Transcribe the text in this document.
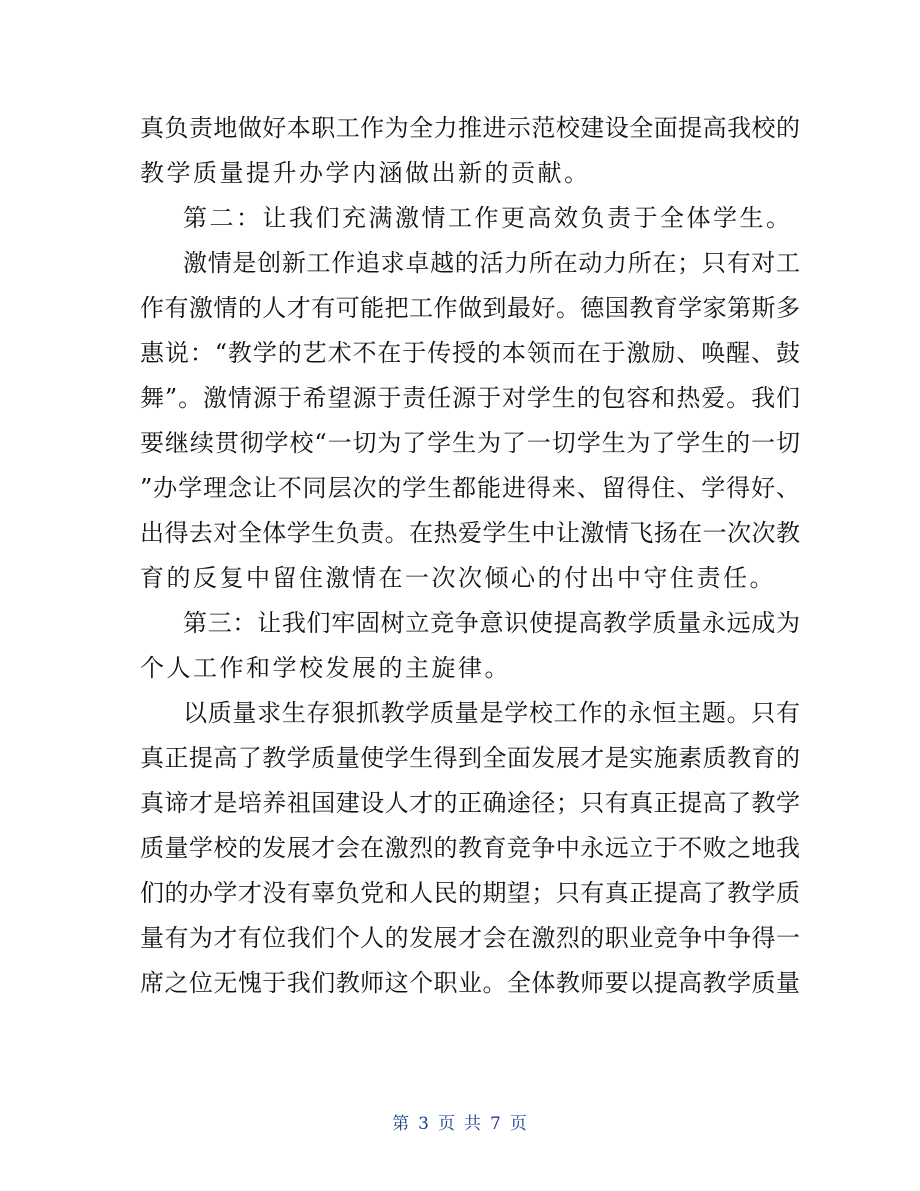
真负责地做好本职工作为全力推进示范校建设全面提高我校的
教学质量提升办学内涵做出新的贡献。
第二：让我们充满激情工作更高效负责于全体学生。
激情是创新工作追求卓越的活力所在动力所在；只有对工
作有激情的人才有可能把工作做到最好。德国教育学家第斯多
惠说：“教学的艺术不在于传授的本领而在于激励、唤醒、鼓
舞”。激情源于希望源于责任源于对学生的包容和热爱。我们
要继续贯彻学校“一切为了学生为了一切学生为了学生的一切
”办学理念让不同层次的学生都能进得来、留得住、学得好、
出得去对全体学生负责。在热爱学生中让激情飞扬在一次次教
育的反复中留住激情在一次次倾心的付出中守住责任。
第三：让我们牢固树立竞争意识使提高教学质量永远成为
个人工作和学校发展的主旋律。
以质量求生存狠抓教学质量是学校工作的永恒主题。只有
真正提高了教学质量使学生得到全面发展才是实施素质教育的
真谛才是培养祖国建设人才的正确途径；只有真正提高了教学
质量学校的发展才会在激烈的教育竞争中永远立于不败之地我
们的办学才没有辜负党和人民的期望；只有真正提高了教学质
量有为才有位我们个人的发展才会在激烈的职业竞争中争得一
席之位无愧于我们教师这个职业。全体教师要以提高教学质量
第 3 页 共 7 页
